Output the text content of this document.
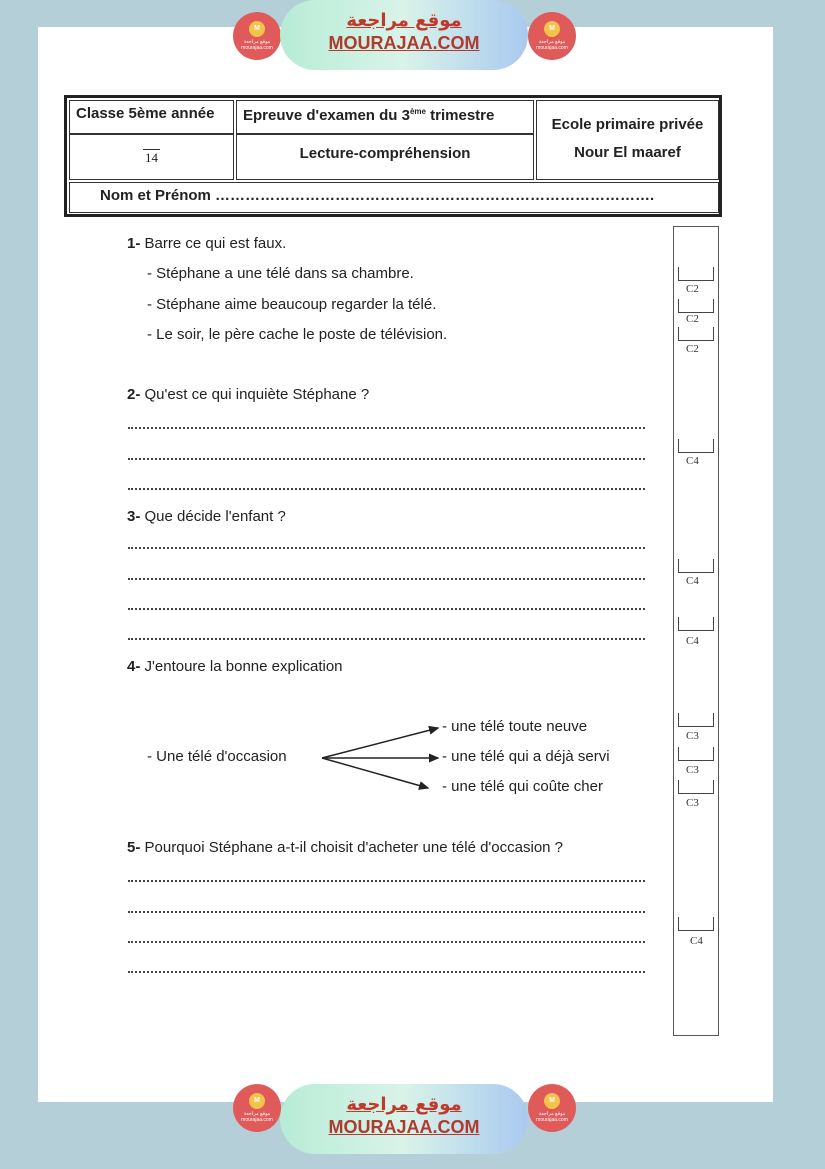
M
موقع مراجعة
mourajaa.com
موقع مراجعة
MOURAJAA.COM
M
موقع مراجعة
mourajaa.com
Classe 5ème année	Epreuve d'examen du 3ème trimestre
Ecole primaire privée
Nour El maaref
14	Lecture-compréhension
Nom et Prénom …………………………………………………………………………….
1- Barre ce qui est faux.
- Stéphane a une télé dans sa chambre.
- Stéphane aime beaucoup regarder la télé.
- Le soir, le père cache le poste de télévision.
2- Qu'est ce qui inquiète Stéphane ?
3- Que décide l'enfant ?
4- J'entoure la bonne explication
- Une télé d'occasion
- une télé toute neuve
- une télé qui a déjà servi
- une télé qui coûte cher
5- Pourquoi Stéphane a-t-il choisit d'acheter une télé d'occasion ?
C2
C2
C2
C4
C4
C4
C3
C3
C3
C4
M
موقع مراجعة
mourajaa.com
موقع مراجعة
MOURAJAA.COM
M
موقع مراجعة
mourajaa.com
